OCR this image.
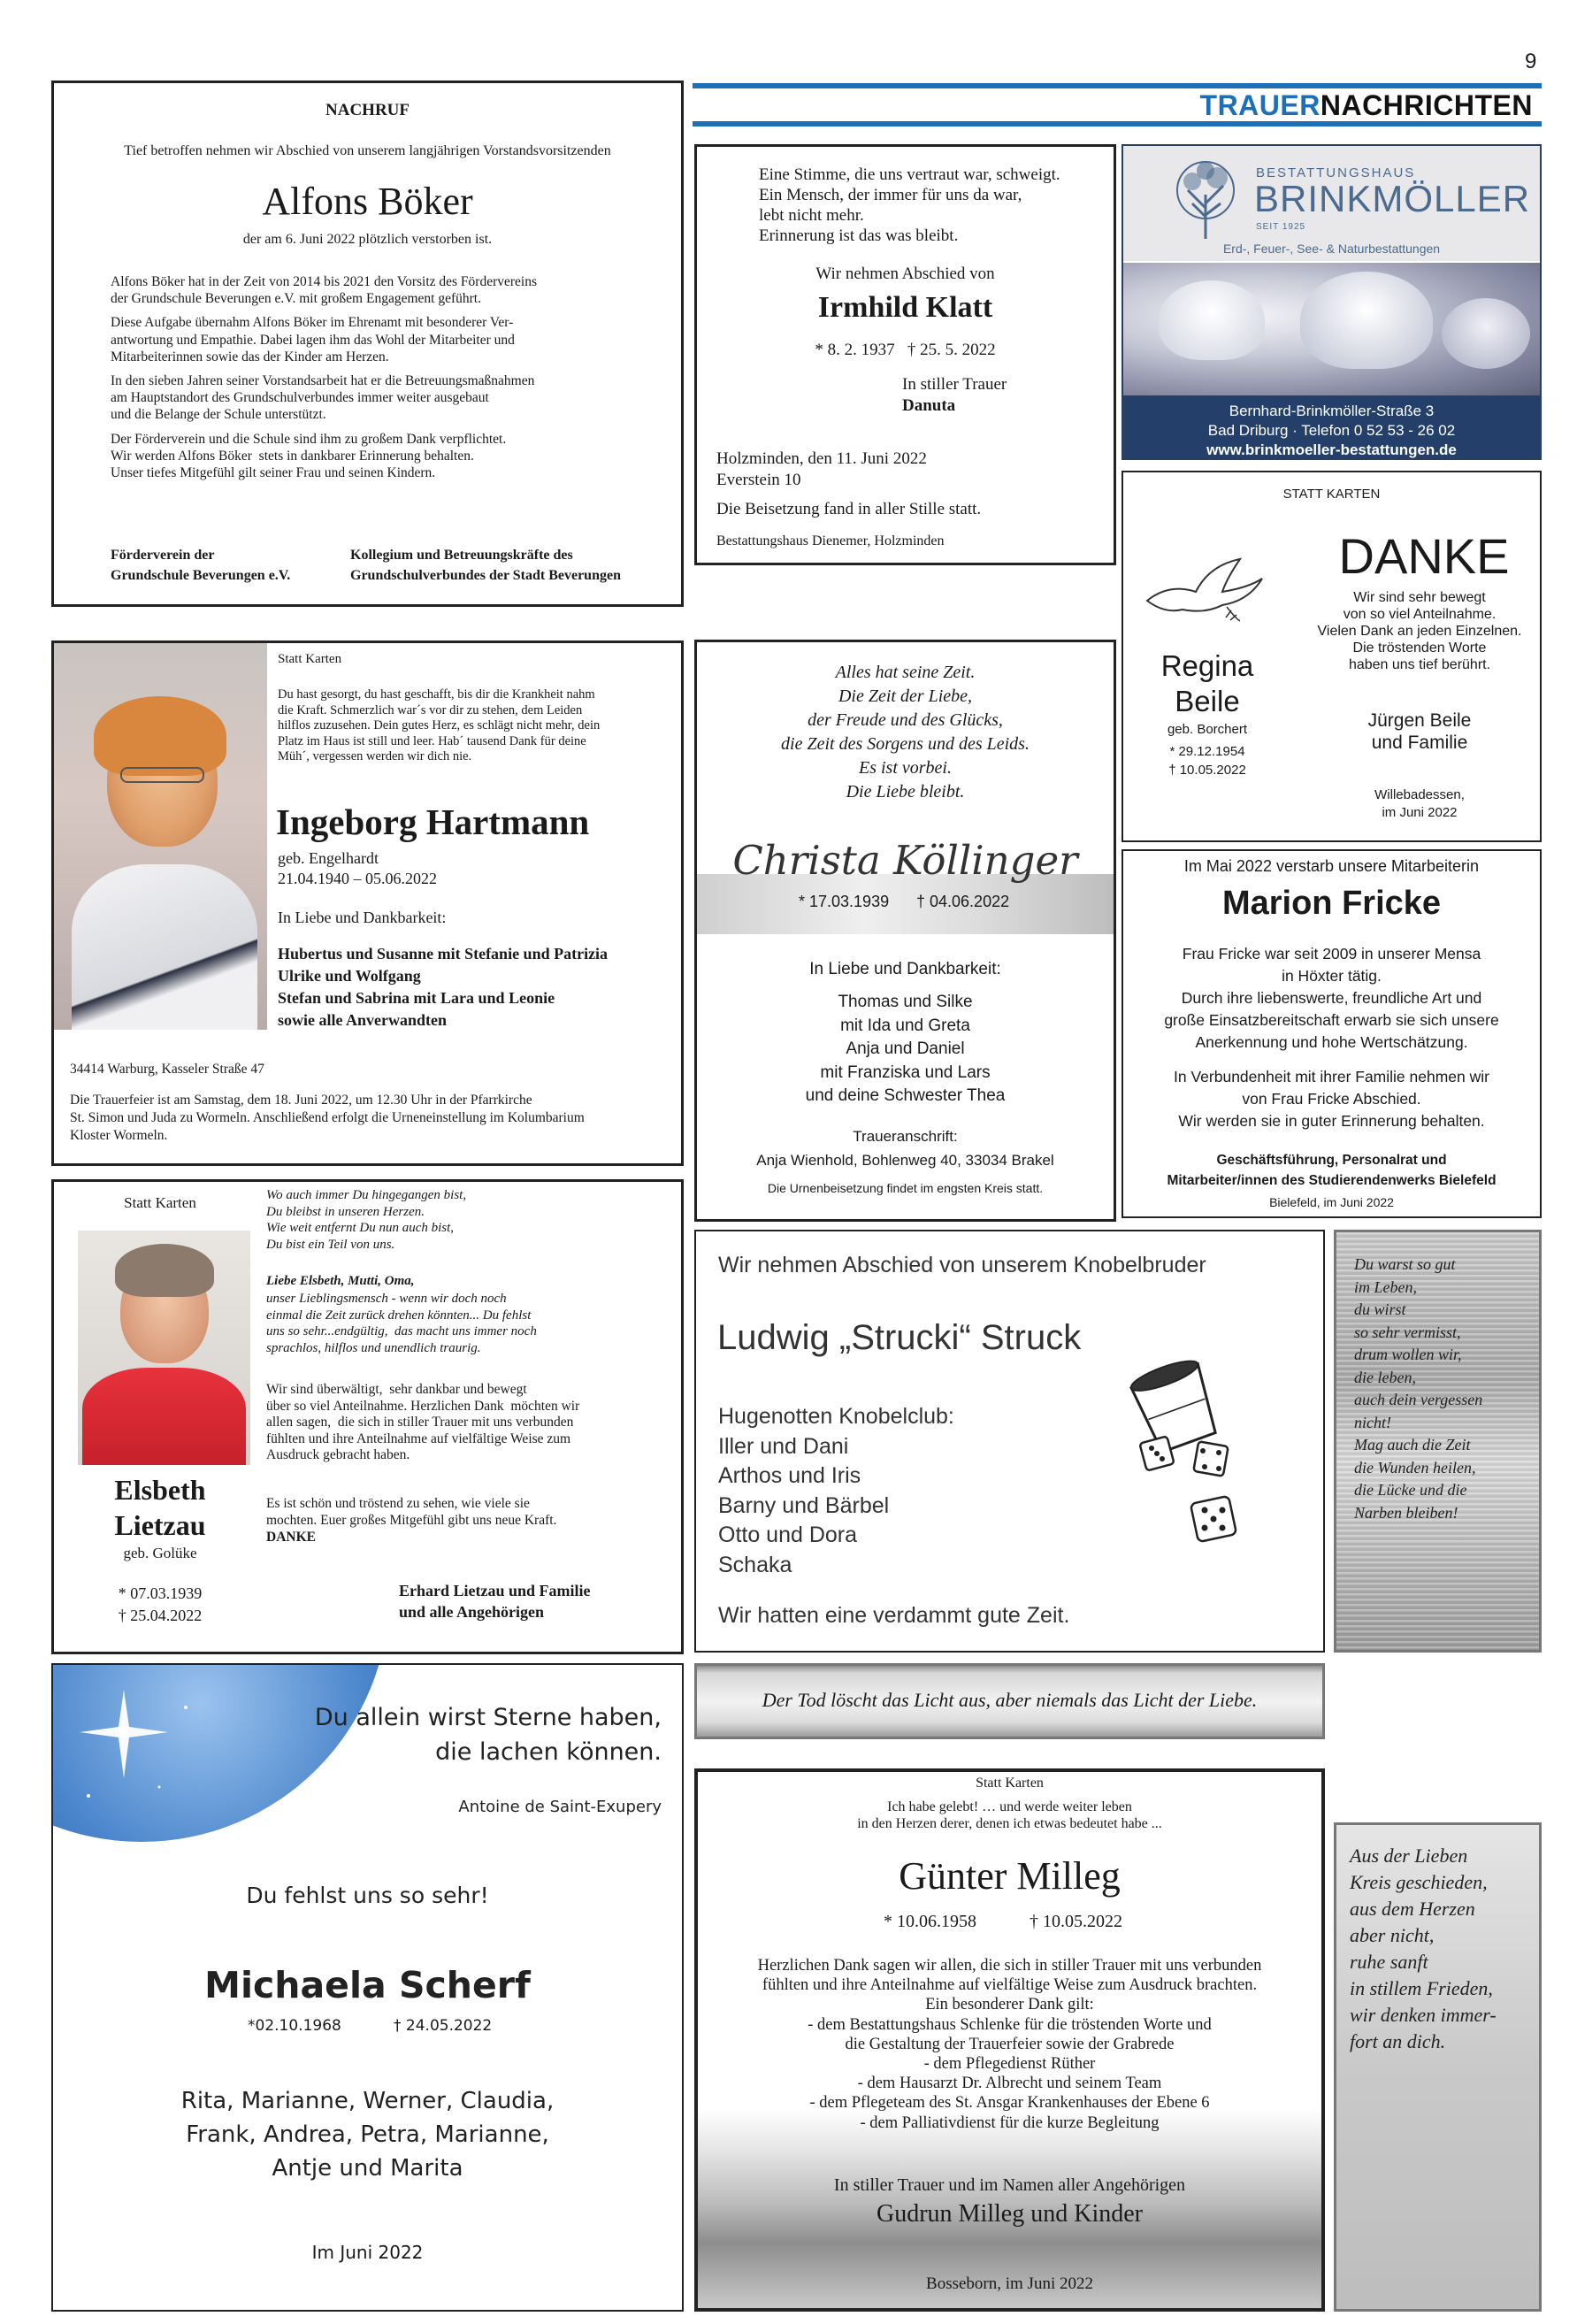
9
TRAUERNACHRICHTEN
NACHRUF
Tief betroffen nehmen wir Abschied von unserem langjährigen Vorstandsvorsitzenden
Alfons Böker
der am 6. Juni 2022 plötzlich verstorben ist.
Alfons Böker hat in der Zeit von 2014 bis 2021 den Vorsitz des Fördervereins
der Grundschule Beverungen e.V. mit großem Engagement geführt.
Diese Aufgabe übernahm Alfons Böker im Ehrenamt mit besonderer Ver-
antwortung und Empathie. Dabei lagen ihm das Wohl der Mitarbeiter und
Mitarbeiterinnen sowie das der Kinder am Herzen.
In den sieben Jahren seiner Vorstandsarbeit hat er die Betreuungsmaßnahmen
am Hauptstandort des Grundschulverbundes immer weiter ausgebaut
und die Belange der Schule unterstützt.
Der Förderverein und die Schule sind ihm zu großem Dank verpflichtet.
Wir werden Alfons Böker  stets in dankbarer Erinnerung behalten.
Unser tiefes Mitgefühl gilt seiner Frau und seinen Kindern.
Förderverein der
Grundschule Beverungen e.V.
Kollegium und Betreuungskräfte des
Grundschulverbundes der Stadt Beverungen
Eine Stimme, die uns vertraut war, schweigt.
Ein Mensch, der immer für uns da war,
lebt nicht mehr.
Erinnerung ist das was bleibt.
Wir nehmen Abschied von
Irmhild Klatt
* 8. 2. 1937   † 25. 5. 2022
In stiller Trauer
Danuta
Holzminden, den 11. Juni 2022
Everstein 10
Die Beisetzung fand in aller Stille statt.
Bestattungshaus Dienemer, Holzminden
BESTATTUNGSHAUS
BRINKMÖLLER
SEIT 1925
Erd-, Feuer-, See- & Naturbestattungen
Bernhard-Brinkmöller-Straße 3
Bad Driburg · Telefon 0 52 53 - 26 02
www.brinkmoeller-bestattungen.de
Statt Karten
Du hast gesorgt, du hast geschafft, bis dir die Krankheit nahm
die Kraft. Schmerzlich war´s vor dir zu stehen, dem Leiden
hilflos zuzusehen. Dein gutes Herz, es schlägt nicht mehr, dein
Platz im Haus ist still und leer. Hab´ tausend Dank für deine
Müh´, vergessen werden wir dich nie.
Ingeborg Hartmann
geb. Engelhardt
21.04.1940 – 05.06.2022
In Liebe und Dankbarkeit:
Hubertus und Susanne mit Stefanie und Patrizia
Ulrike und Wolfgang
Stefan und Sabrina mit Lara und Leonie
sowie alle Anverwandten
34414 Warburg, Kasseler Straße 47
Die Trauerfeier ist am Samstag, dem 18. Juni 2022, um 12.30 Uhr in der Pfarrkirche
St. Simon und Juda zu Wormeln. Anschließend erfolgt die Urneneinstellung im Kolumbarium
Kloster Wormeln.
Alles hat seine Zeit.
Die Zeit der Liebe,
der Freude und des Glücks,
die Zeit des Sorgens und des Leids.
Es ist vorbei.
Die Liebe bleibt.
Christa Köllinger
* 17.03.1939 † 04.06.2022
In Liebe und Dankbarkeit:
Thomas und Silke
mit Ida und Greta
Anja und Daniel
mit Franziska und Lars
und deine Schwester Thea
Traueranschrift:
Anja Wienhold, Bohlenweg 40, 33034 Brakel
Die Urnenbeisetzung findet im engsten Kreis statt.
STATT KARTEN
DANKE
Wir sind sehr bewegt
von so viel Anteilnahme.
Vielen Dank an jeden Einzelnen.
Die tröstenden Worte
haben uns tief berührt.
Regina
Beile
geb. Borchert
* 29.12.1954
† 10.05.2022
Jürgen Beile
und Familie
Willebadessen,
im Juni 2022
Im Mai 2022 verstarb unsere Mitarbeiterin
Marion Fricke
Frau Fricke war seit 2009 in unserer Mensa
in Höxter tätig.
Durch ihre liebenswerte, freundliche Art und
große Einsatzbereitschaft erwarb sie sich unsere
Anerkennung und hohe Wertschätzung.
In Verbundenheit mit ihrer Familie nehmen wir
von Frau Fricke Abschied.
Wir werden sie in guter Erinnerung behalten.
Geschäftsführung, Personalrat und
Mitarbeiter/innen des Studierendenwerks Bielefeld
Bielefeld, im Juni 2022
Statt Karten
Elsbeth
Lietzau
geb. Golüke
* 07.03.1939
† 25.04.2022
Wo auch immer Du hingegangen bist,
Du bleibst in unseren Herzen.
Wie weit entfernt Du nun auch bist,
Du bist ein Teil von uns.
Liebe Elsbeth, Mutti, Oma,
unser Lieblingsmensch - wenn wir doch noch
einmal die Zeit zurück drehen könnten... Du fehlst
uns so sehr...endgültig,  das macht uns immer noch
sprachlos, hilflos und unendlich traurig.
Wir sind überwältigt,  sehr dankbar und bewegt
über so viel Anteilnahme. Herzlichen Dank  möchten wir
allen sagen,  die sich in stiller Trauer mit uns verbunden
fühlten und ihre Anteilnahme auf vielfältige Weise zum
Ausdruck gebracht haben.
Es ist schön und tröstend zu sehen, wie viele sie
mochten. Euer großes Mitgefühl gibt uns neue Kraft.
DANKE
Erhard Lietzau und Familie
und alle Angehörigen
Wir nehmen Abschied von unserem Knobelbruder
Ludwig „Strucki“ Struck
Hugenotten Knobelclub:
Iller und Dani
Arthos und Iris
Barny und Bärbel
Otto und Dora
Schaka
Wir hatten eine verdammt gute Zeit.
Du warst so gut
im Leben,
du wirst
so sehr vermisst,
drum wollen wir,
die leben,
auch dein vergessen
nicht!
Mag auch die Zeit
die Wunden heilen,
die Lücke und die
Narben bleiben!
Der Tod löscht das Licht aus, aber niemals das Licht der Liebe.
Du allein wirst Sterne haben,
die lachen können.
Antoine de Saint-Exupery
Du fehlst uns so sehr!
Michaela Scherf
*02.10.1968	† 24.05.2022
Rita, Marianne, Werner, Claudia,
Frank, Andrea, Petra, Marianne,
Antje und Marita
Im Juni 2022
Statt Karten
Ich habe gelebt! … und werde weiter leben
in den Herzen derer, denen ich etwas bedeutet habe ...
Günter Milleg
* 10.06.1958	† 10.05.2022
Herzlichen Dank sagen wir allen, die sich in stiller Trauer mit uns verbunden
fühlten und ihre Anteilnahme auf vielfältige Weise zum Ausdruck brachten.
Ein besonderer Dank gilt:
- dem Bestattungshaus Schlenke für die tröstenden Worte und
die Gestaltung der Trauerfeier sowie der Grabrede
- dem Pflegedienst Rüther
- dem Hausarzt Dr. Albrecht und seinem Team
- dem Pflegeteam des St. Ansgar Krankenhauses der Ebene 6
- dem Palliativdienst für die kurze Begleitung
In stiller Trauer und im Namen aller Angehörigen
Gudrun Milleg und Kinder
Bosseborn, im Juni 2022
Aus der Lieben
Kreis geschieden,
aus dem Herzen
aber nicht,
ruhe sanft
in stillem Frieden,
wir denken immer-
fort an dich.
